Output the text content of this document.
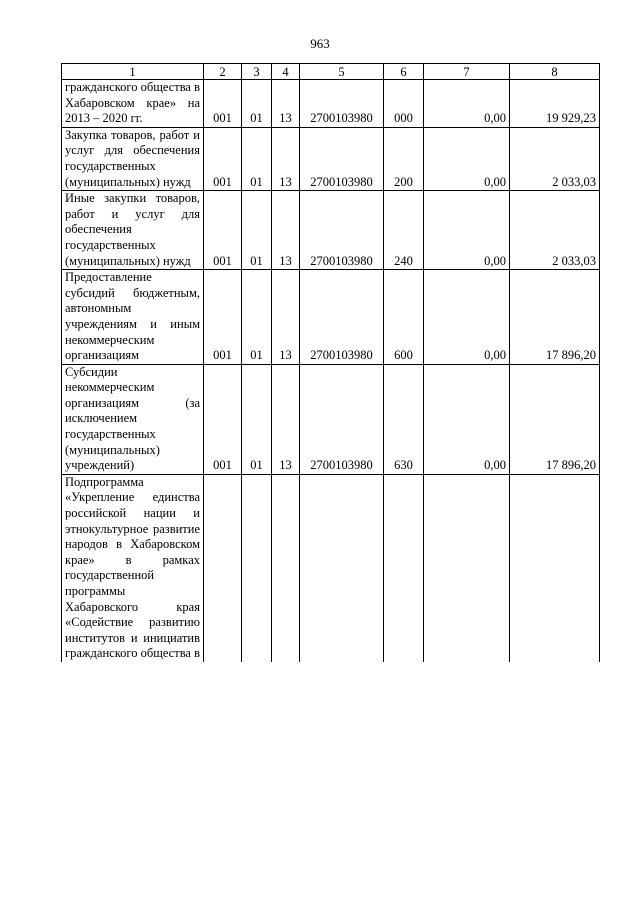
963
1	2	3	4	5	6	7	8
гражданского общества в Хабаровском крае» на 2013 – 2020 гг.	001	01	13	2700103980	000	0,00	19 929,23
Закупка товаров, работ и услуг для обеспечения государственных (муниципальных) нужд	001	01	13	2700103980	200	0,00	2 033,03
Иные закупки товаров, работ и услуг для обеспечения государственных (муниципальных) нужд	001	01	13	2700103980	240	0,00	2 033,03
Предоставление субсидий бюджетным, автономным учреждениям и иным некоммерческим организациям	001	01	13	2700103980	600	0,00	17 896,20
Субсидии некоммерческим организациям (за исключением государственных (муниципальных) учреждений)	001	01	13	2700103980	630	0,00	17 896,20
Подпрограмма «Укрепление единства российской нации и этнокультурное развитие народов в Хабаровском крае» в рамках государственной программы Хабаровского края «Содействие развитию институтов и инициатив гражданского общества в							
